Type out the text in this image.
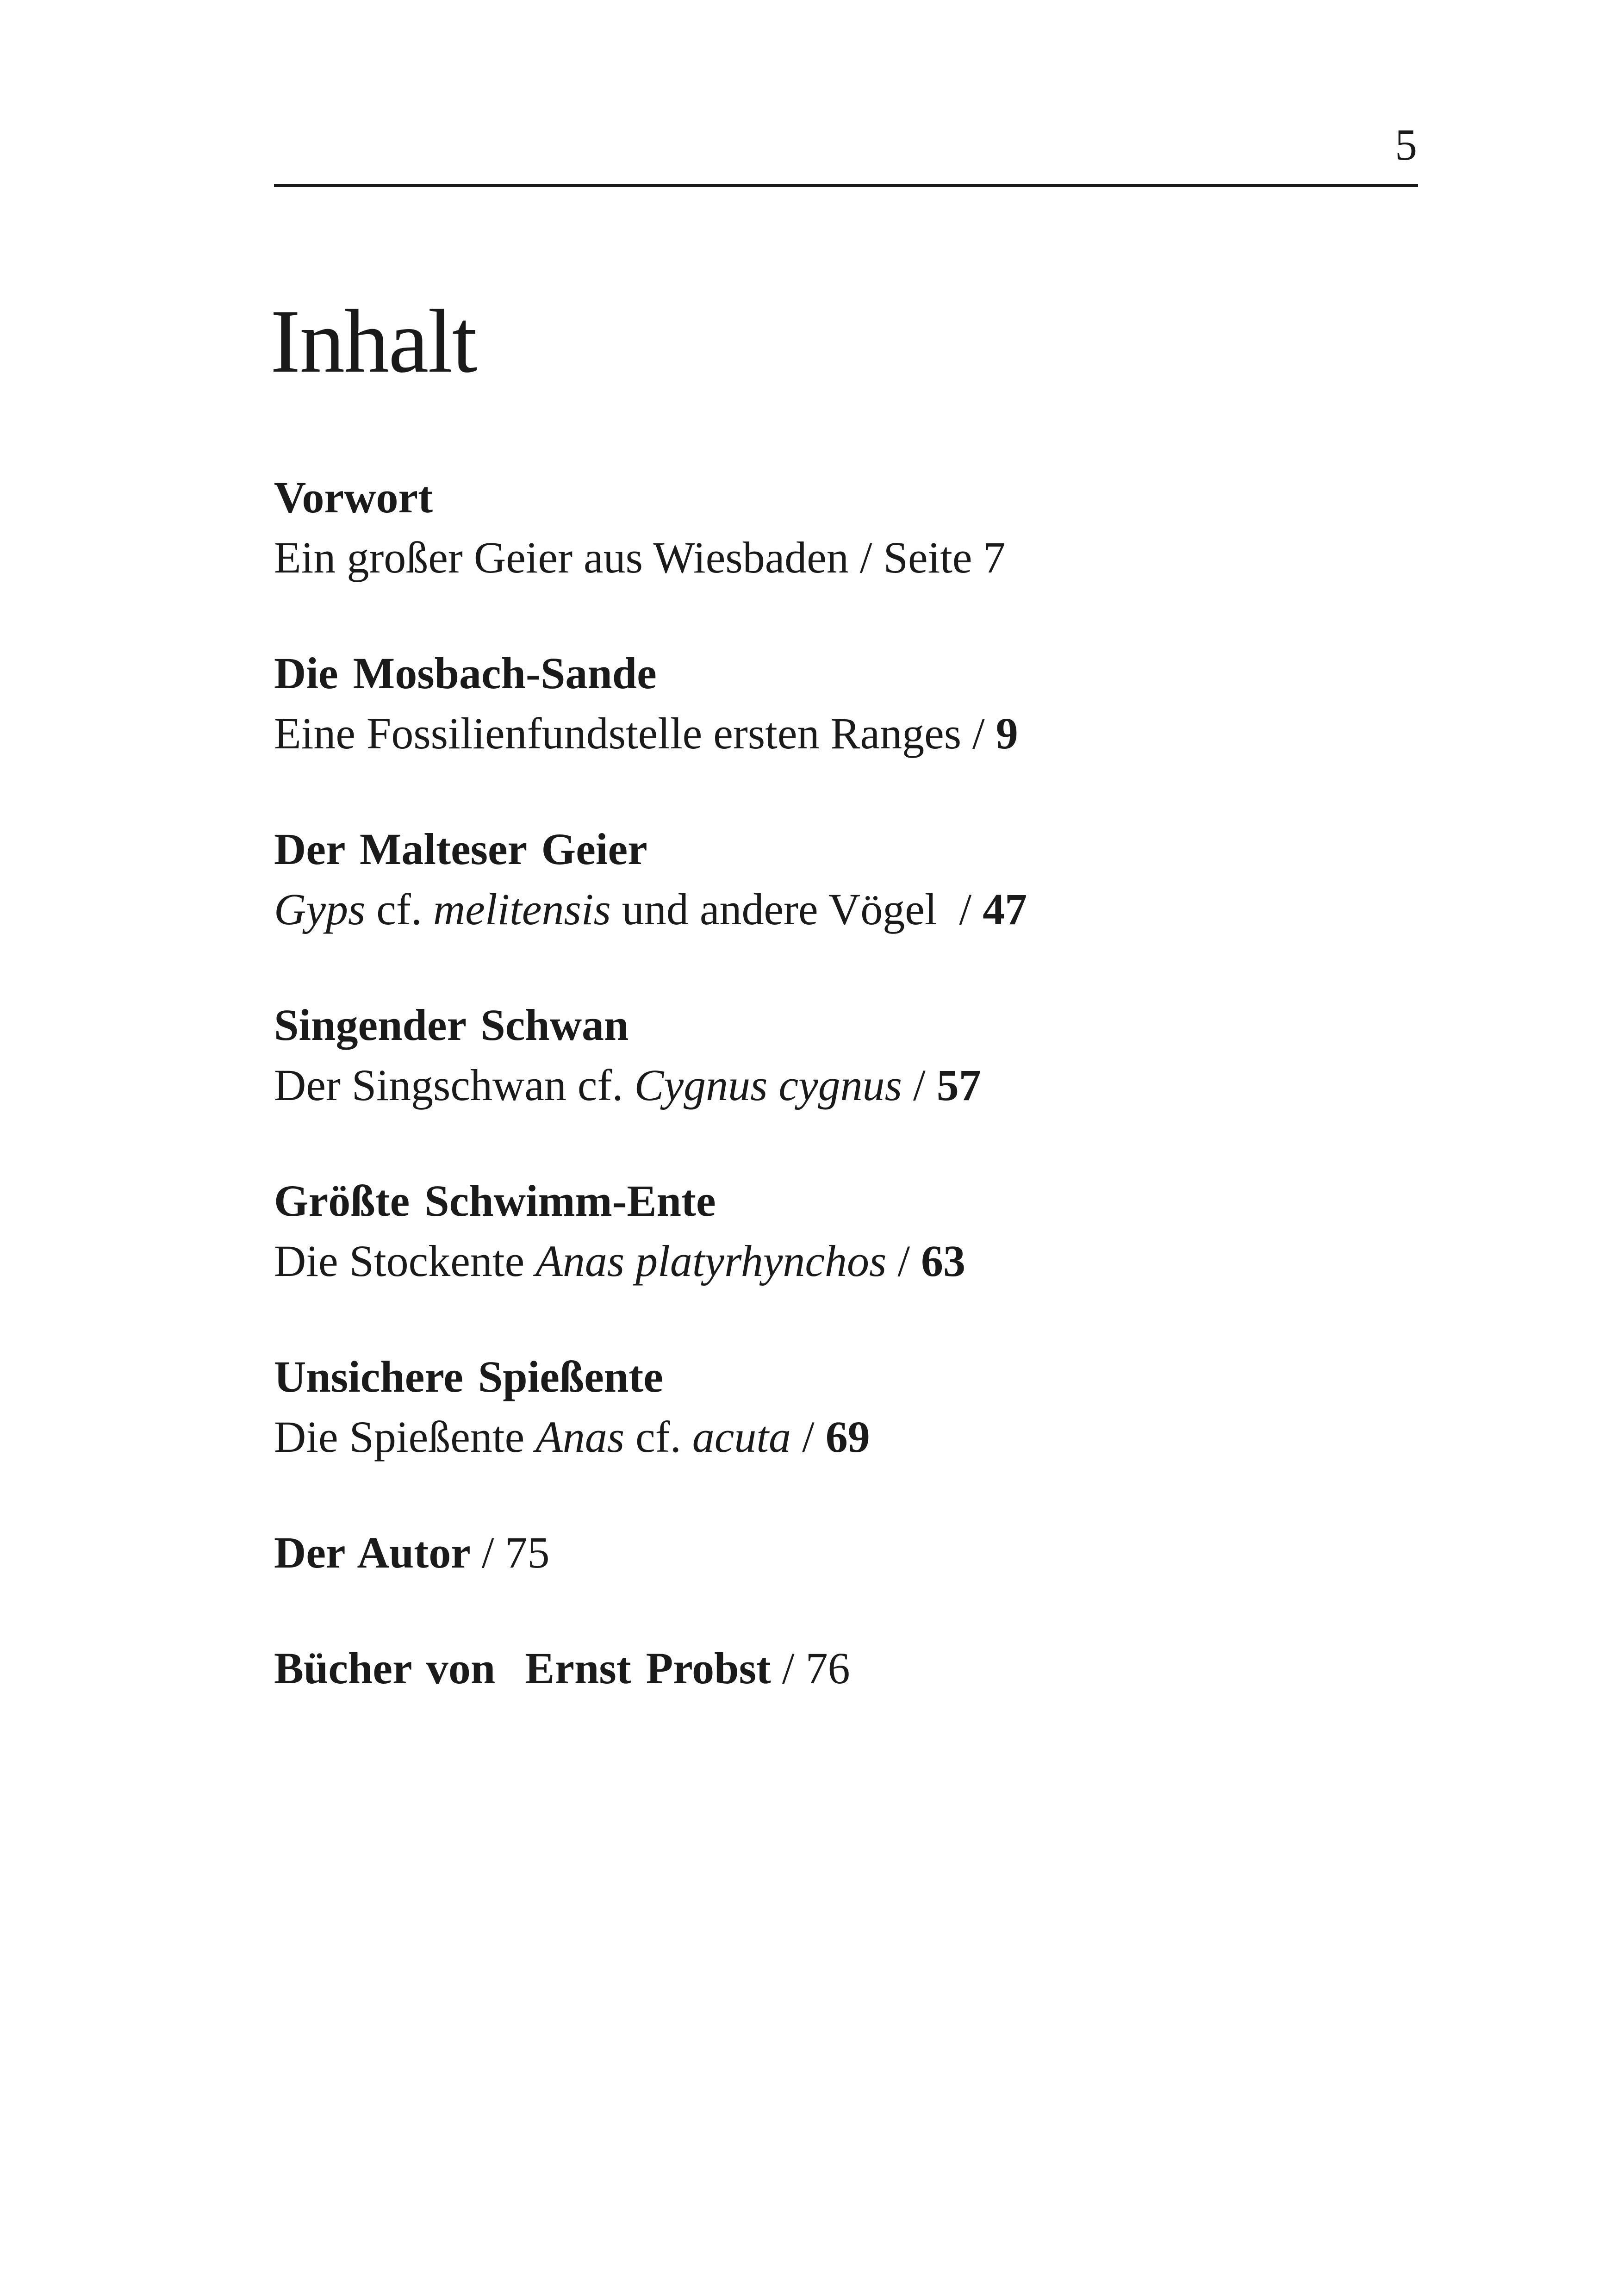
5
Inhalt

Vorwort
Ein großer Geier aus Wiesbaden / Seite 7

Die Mosbach-Sande
Eine Fossilienfundstelle ersten Ranges / 9

Der Malteser Geier
Gyps cf. melitensis und andere Vögel  / 47

Singender Schwan
Der Singschwan cf. Cygnus cygnus / 57

Größte Schwimm-Ente
Die Stockente Anas platyrhynchos / 63

Unsichere Spießente
Die Spießente Anas cf. acuta / 69

Der Autor / 75

Bücher von  Ernst Probst / 76
